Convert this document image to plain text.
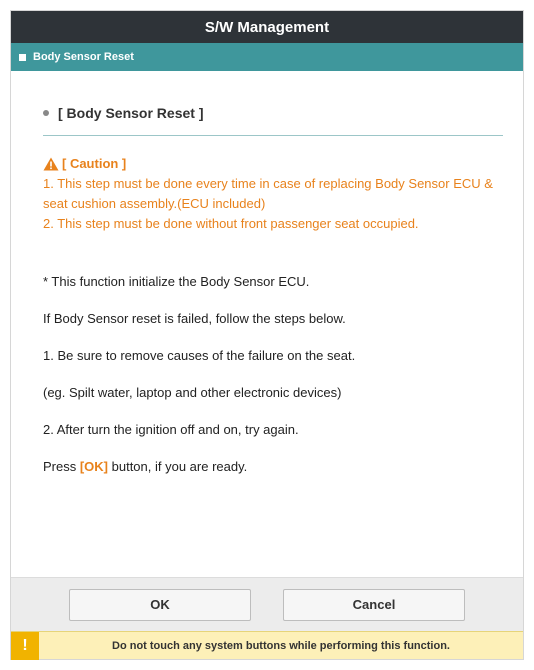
S/W Management
Body Sensor Reset
[ Body Sensor Reset ]
[ Caution ]
1. This step must be done every time in case of replacing Body Sensor ECU &
seat cushion assembly.(ECU included)
2. This step must be done without front passenger seat occupied.

* This function initialize the Body Sensor ECU.

If Body Sensor reset is failed, follow the steps below.

1. Be sure to remove causes of the failure on the seat.

(eg. Spilt water, laptop and other electronic devices)

2. After turn the ignition off and on, try again.

Press [OK] button, if you are ready.

OK	Cancel
!	Do not touch any system buttons while performing this function.
